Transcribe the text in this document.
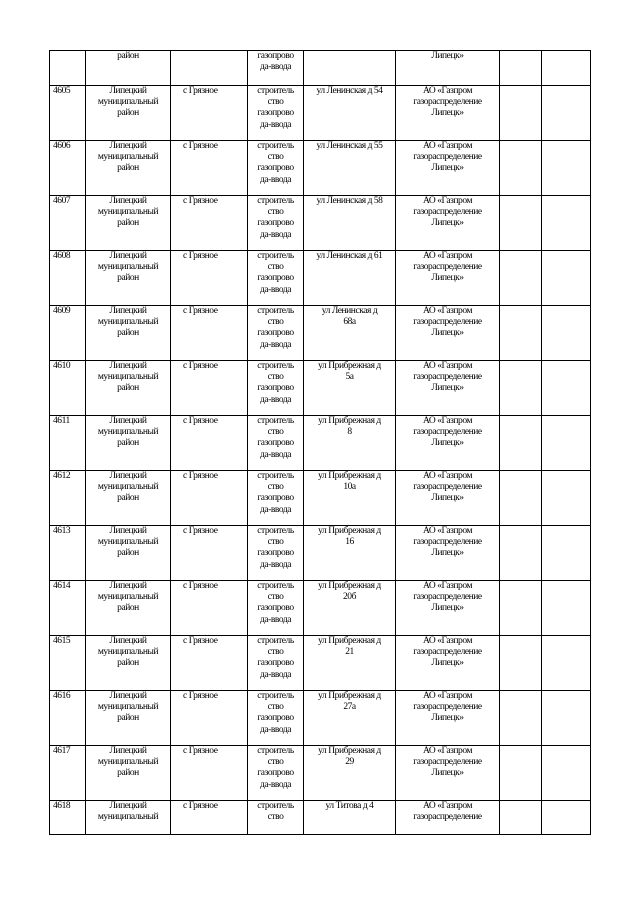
	район		газопрово
да-ввода		Липецк»		
4605	Липецкий
муниципальный
район	с Грязное	строитель
ство
газопрово
да-ввода	ул Ленинская д 54	АО «Газпром
газораспределение
Липецк»		
4606	Липецкий
муниципальный
район	с Грязное	строитель
ство
газопрово
да-ввода	ул Ленинская д 55	АО «Газпром
газораспределение
Липецк»		
4607	Липецкий
муниципальный
район	с Грязное	строитель
ство
газопрово
да-ввода	ул Ленинская д 58	АО «Газпром
газораспределение
Липецк»		
4608	Липецкий
муниципальный
район	с Грязное	строитель
ство
газопрово
да-ввода	ул Ленинская д 61	АО «Газпром
газораспределение
Липецк»		
4609	Липецкий
муниципальный
район	с Грязное	строитель
ство
газопрово
да-ввода	ул Ленинская д
68а	АО «Газпром
газораспределение
Липецк»		
4610	Липецкий
муниципальный
район	с Грязное	строитель
ство
газопрово
да-ввода	ул Прибрежная д
5а	АО «Газпром
газораспределение
Липецк»		
4611	Липецкий
муниципальный
район	с Грязное	строитель
ство
газопрово
да-ввода	ул Прибрежная д
8	АО «Газпром
газораспределение
Липецк»		
4612	Липецкий
муниципальный
район	с Грязное	строитель
ство
газопрово
да-ввода	ул Прибрежная д
10а	АО «Газпром
газораспределение
Липецк»		
4613	Липецкий
муниципальный
район	с Грязное	строитель
ство
газопрово
да-ввода	ул Прибрежная д
16	АО «Газпром
газораспределение
Липецк»		
4614	Липецкий
муниципальный
район	с Грязное	строитель
ство
газопрово
да-ввода	ул Прибрежная д
20б	АО «Газпром
газораспределение
Липецк»		
4615	Липецкий
муниципальный
район	с Грязное	строитель
ство
газопрово
да-ввода	ул Прибрежная д
21	АО «Газпром
газораспределение
Липецк»		
4616	Липецкий
муниципальный
район	с Грязное	строитель
ство
газопрово
да-ввода	ул Прибрежная д
27а	АО «Газпром
газораспределение
Липецк»		
4617	Липецкий
муниципальный
район	с Грязное	строитель
ство
газопрово
да-ввода	ул Прибрежная д
29	АО «Газпром
газораспределение
Липецк»		
4618	Липецкий
муниципальный	с Грязное	строитель
ство	ул Титова д 4	АО «Газпром
газораспределение		
